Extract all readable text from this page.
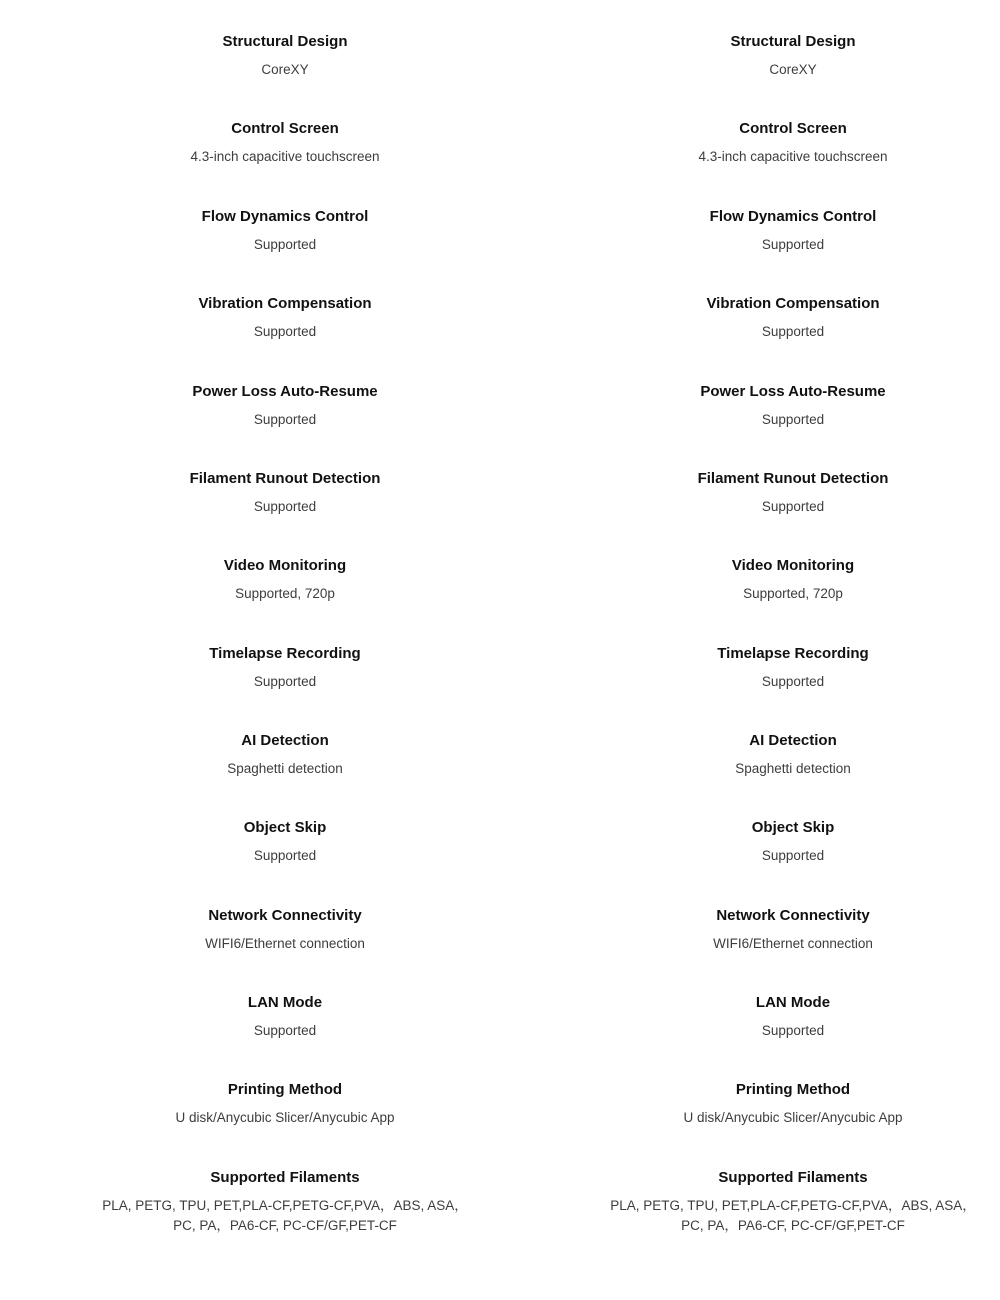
Structural Design
CoreXY
Control Screen
4.3-inch capacitive touchscreen
Flow Dynamics Control
Supported
Vibration Compensation
Supported
Power Loss Auto-Resume
Supported
Filament Runout Detection
Supported
Video Monitoring
Supported, 720p
Timelapse Recording
Supported
AI Detection
Spaghetti detection
Object Skip
Supported
Network Connectivity
WIFI6/Ethernet connection
LAN Mode
Supported
Printing Method
U disk/Anycubic Slicer/Anycubic App
Supported Filaments
PLA, PETG, TPU, PET,PLA-CF,PETG-CF,PVA，ABS, ASA，
PC, PA，PA6-CF, PC-CF/GF,PET-CF
Structural Design
CoreXY
Control Screen
4.3-inch capacitive touchscreen
Flow Dynamics Control
Supported
Vibration Compensation
Supported
Power Loss Auto-Resume
Supported
Filament Runout Detection
Supported
Video Monitoring
Supported, 720p
Timelapse Recording
Supported
AI Detection
Spaghetti detection
Object Skip
Supported
Network Connectivity
WIFI6/Ethernet connection
LAN Mode
Supported
Printing Method
U disk/Anycubic Slicer/Anycubic App
Supported Filaments
PLA, PETG, TPU, PET,PLA-CF,PETG-CF,PVA，ABS, ASA，
PC, PA，PA6-CF, PC-CF/GF,PET-CF
